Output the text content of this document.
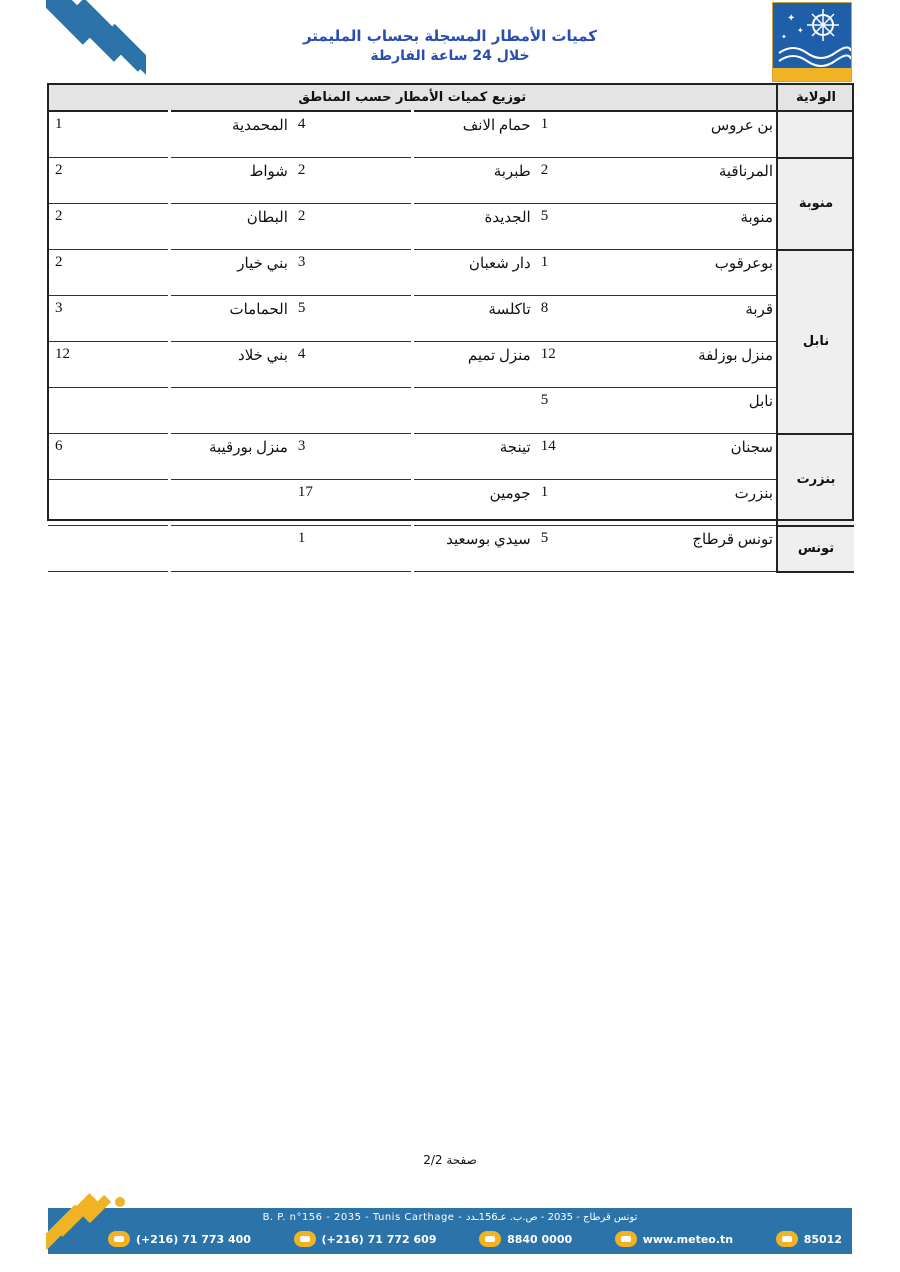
كميات الأمطار المسجلة بحساب المليمتر
خلال 24 ساعة الفارطة
✦
✦
✦
الولاية	توزيع كميات الأمطار حسب المناطق					
	بن عروس	1	حمام الانف	4	المحمدية	1
منوبة	المرناقية	2	طبربة	2	شواط	2
	منوبة	5	الجديدة	2	البطان	2
نابل	بوعرقوب	1	دار شعبان	3	بني خيار	2
	قربة	8	تاكلسة	5	الحمامات	3
	منزل بوزلفة	12	منزل تميم	4	بني خلاد	12
	نابل	5				
بنزرت	سجنان	14	تينجة	3	منزل بورقيبة	6
	بنزرت	1	جومين	17		
تونس	تونس قرطاج	5	سيدي بوسعيد	1		
صفحة 2/2
B. P. n°156 - 2035 - Tunis Carthage - تونس قرطاج - 2035 - ص.ب. عـ156ـدد
(+216) 71 773 400	(+216) 71 772 609	8840 0000	www.meteo.tn	85012
